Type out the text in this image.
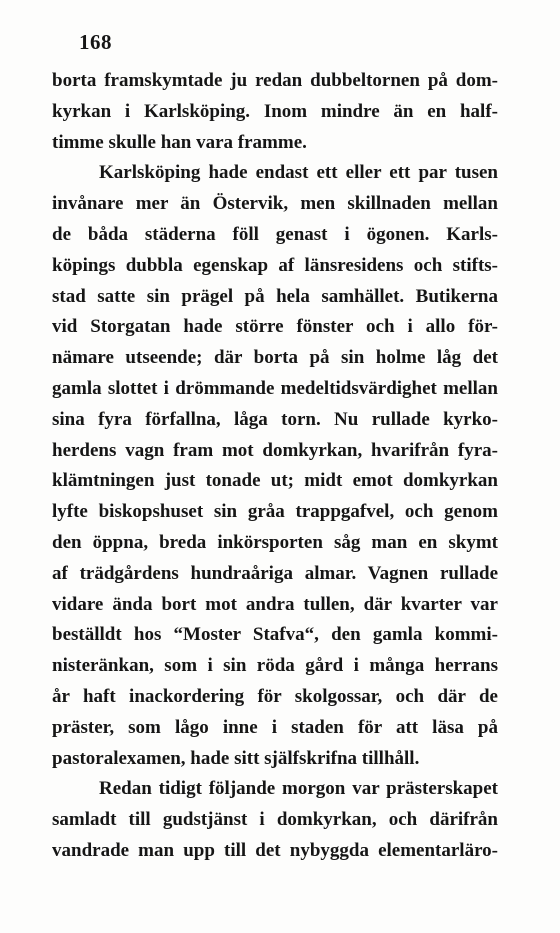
168
borta framskymtade ju redan dubbeltornen på dom-
kyrkan i Karlsköping. Inom mindre än en half-
timme skulle han vara framme.
Karlsköping hade endast ett eller ett par tusen
invånare mer än Östervik, men skillnaden mellan
de båda städerna föll genast i ögonen. Karls-
köpings dubbla egenskap af länsresidens och stifts-
stad satte sin prägel på hela samhället. Butikerna
vid Storgatan hade större fönster och i allo för-
nämare utseende; där borta på sin holme låg det
gamla slottet i drömmande medeltidsvärdighet mellan
sina fyra förfallna, låga torn. Nu rullade kyrko-
herdens vagn fram mot domkyrkan, hvarifrån fyra-
klämtningen just tonade ut; midt emot domkyrkan
lyfte biskopshuset sin gråa trappgafvel, och genom
den öppna, breda inkörsporten såg man en skymt
af trädgårdens hundraåriga almar. Vagnen rullade
vidare ända bort mot andra tullen, där kvarter var
beställdt hos “Moster Stafva“, den gamla kommi-
nisteränkan, som i sin röda gård i många herrans
år haft inackordering för skolgossar, och där de
präster, som lågo inne i staden för att läsa på
pastoralexamen, hade sitt själfskrifna tillhåll.
Redan tidigt följande morgon var prästerskapet
samladt till gudstjänst i domkyrkan, och därifrån
vandrade man upp till det nybyggda elementarläro-
